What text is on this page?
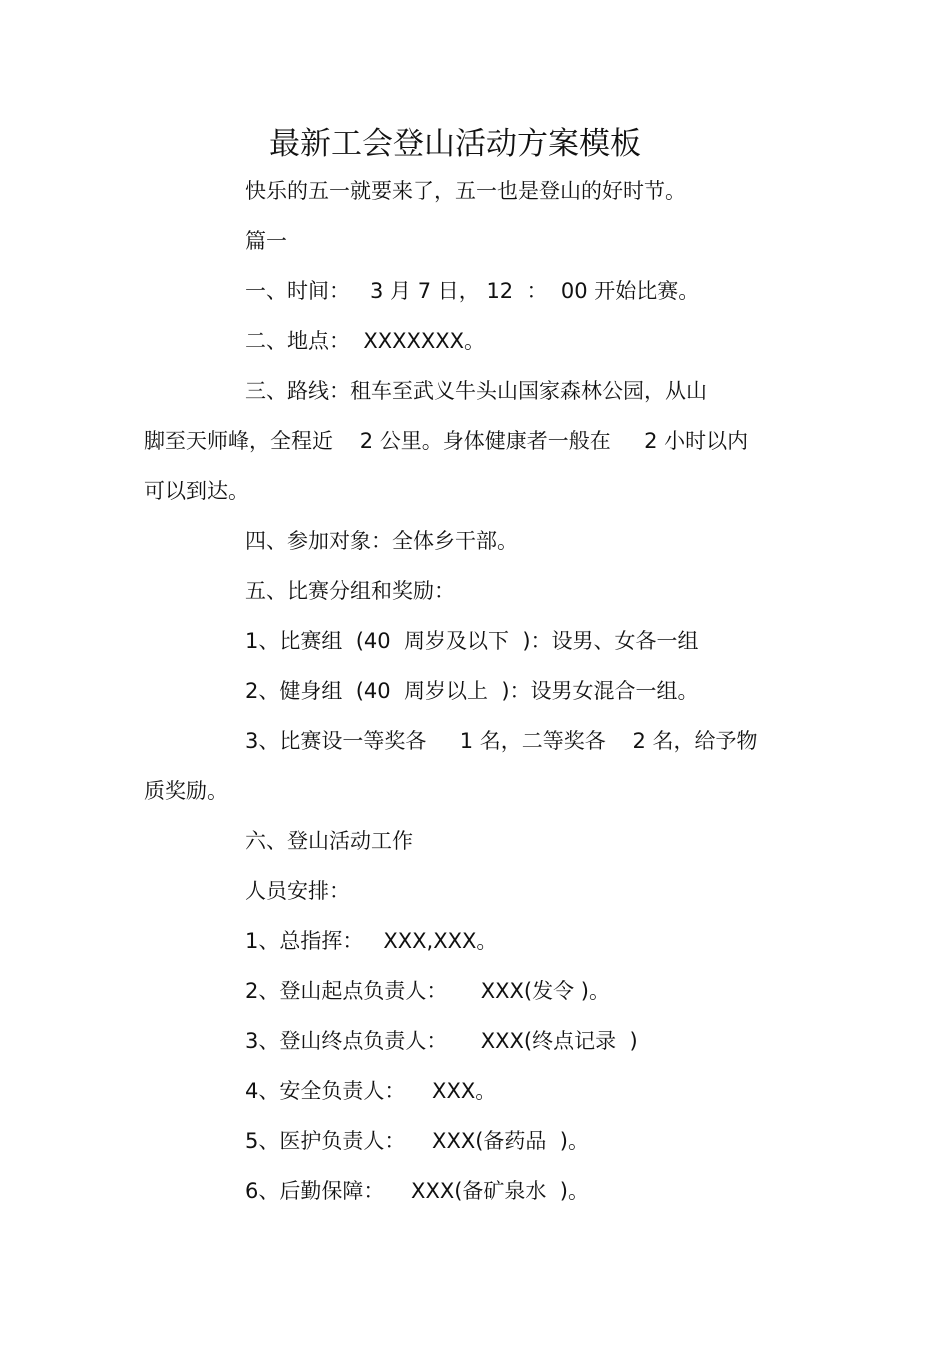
最新工会登山活动方案模板
快乐的五一就要来了，五一也是登山的好时节。
篇一
一、时间：   3 月 7 日， 12  ：  00 开始比赛。
二、地点：  XXXXXXX。
三、路线：租车至武义牛头山国家森林公园，从山
脚至天师峰，全程近    2 公里。身体健康者一般在     2 小时以内
可以到达。
四、参加对象：全体乡干部。
五、比赛分组和奖励：
1、比赛组  (40  周岁及以下  )：设男、女各一组
2、健身组  (40  周岁以上  )：设男女混合一组。
3、比赛设一等奖各     1 名，二等奖各    2 名，给予物
质奖励。
六、登山活动工作
人员安排：
1、总指挥：   XXX,XXX。
2、登山起点负责人：     XXX(发令 )。
3、登山终点负责人：     XXX(终点记录  )
4、安全负责人：    XXX。
5、医护负责人：    XXX(备药品  )。
6、后勤保障：    XXX(备矿泉水  )。
